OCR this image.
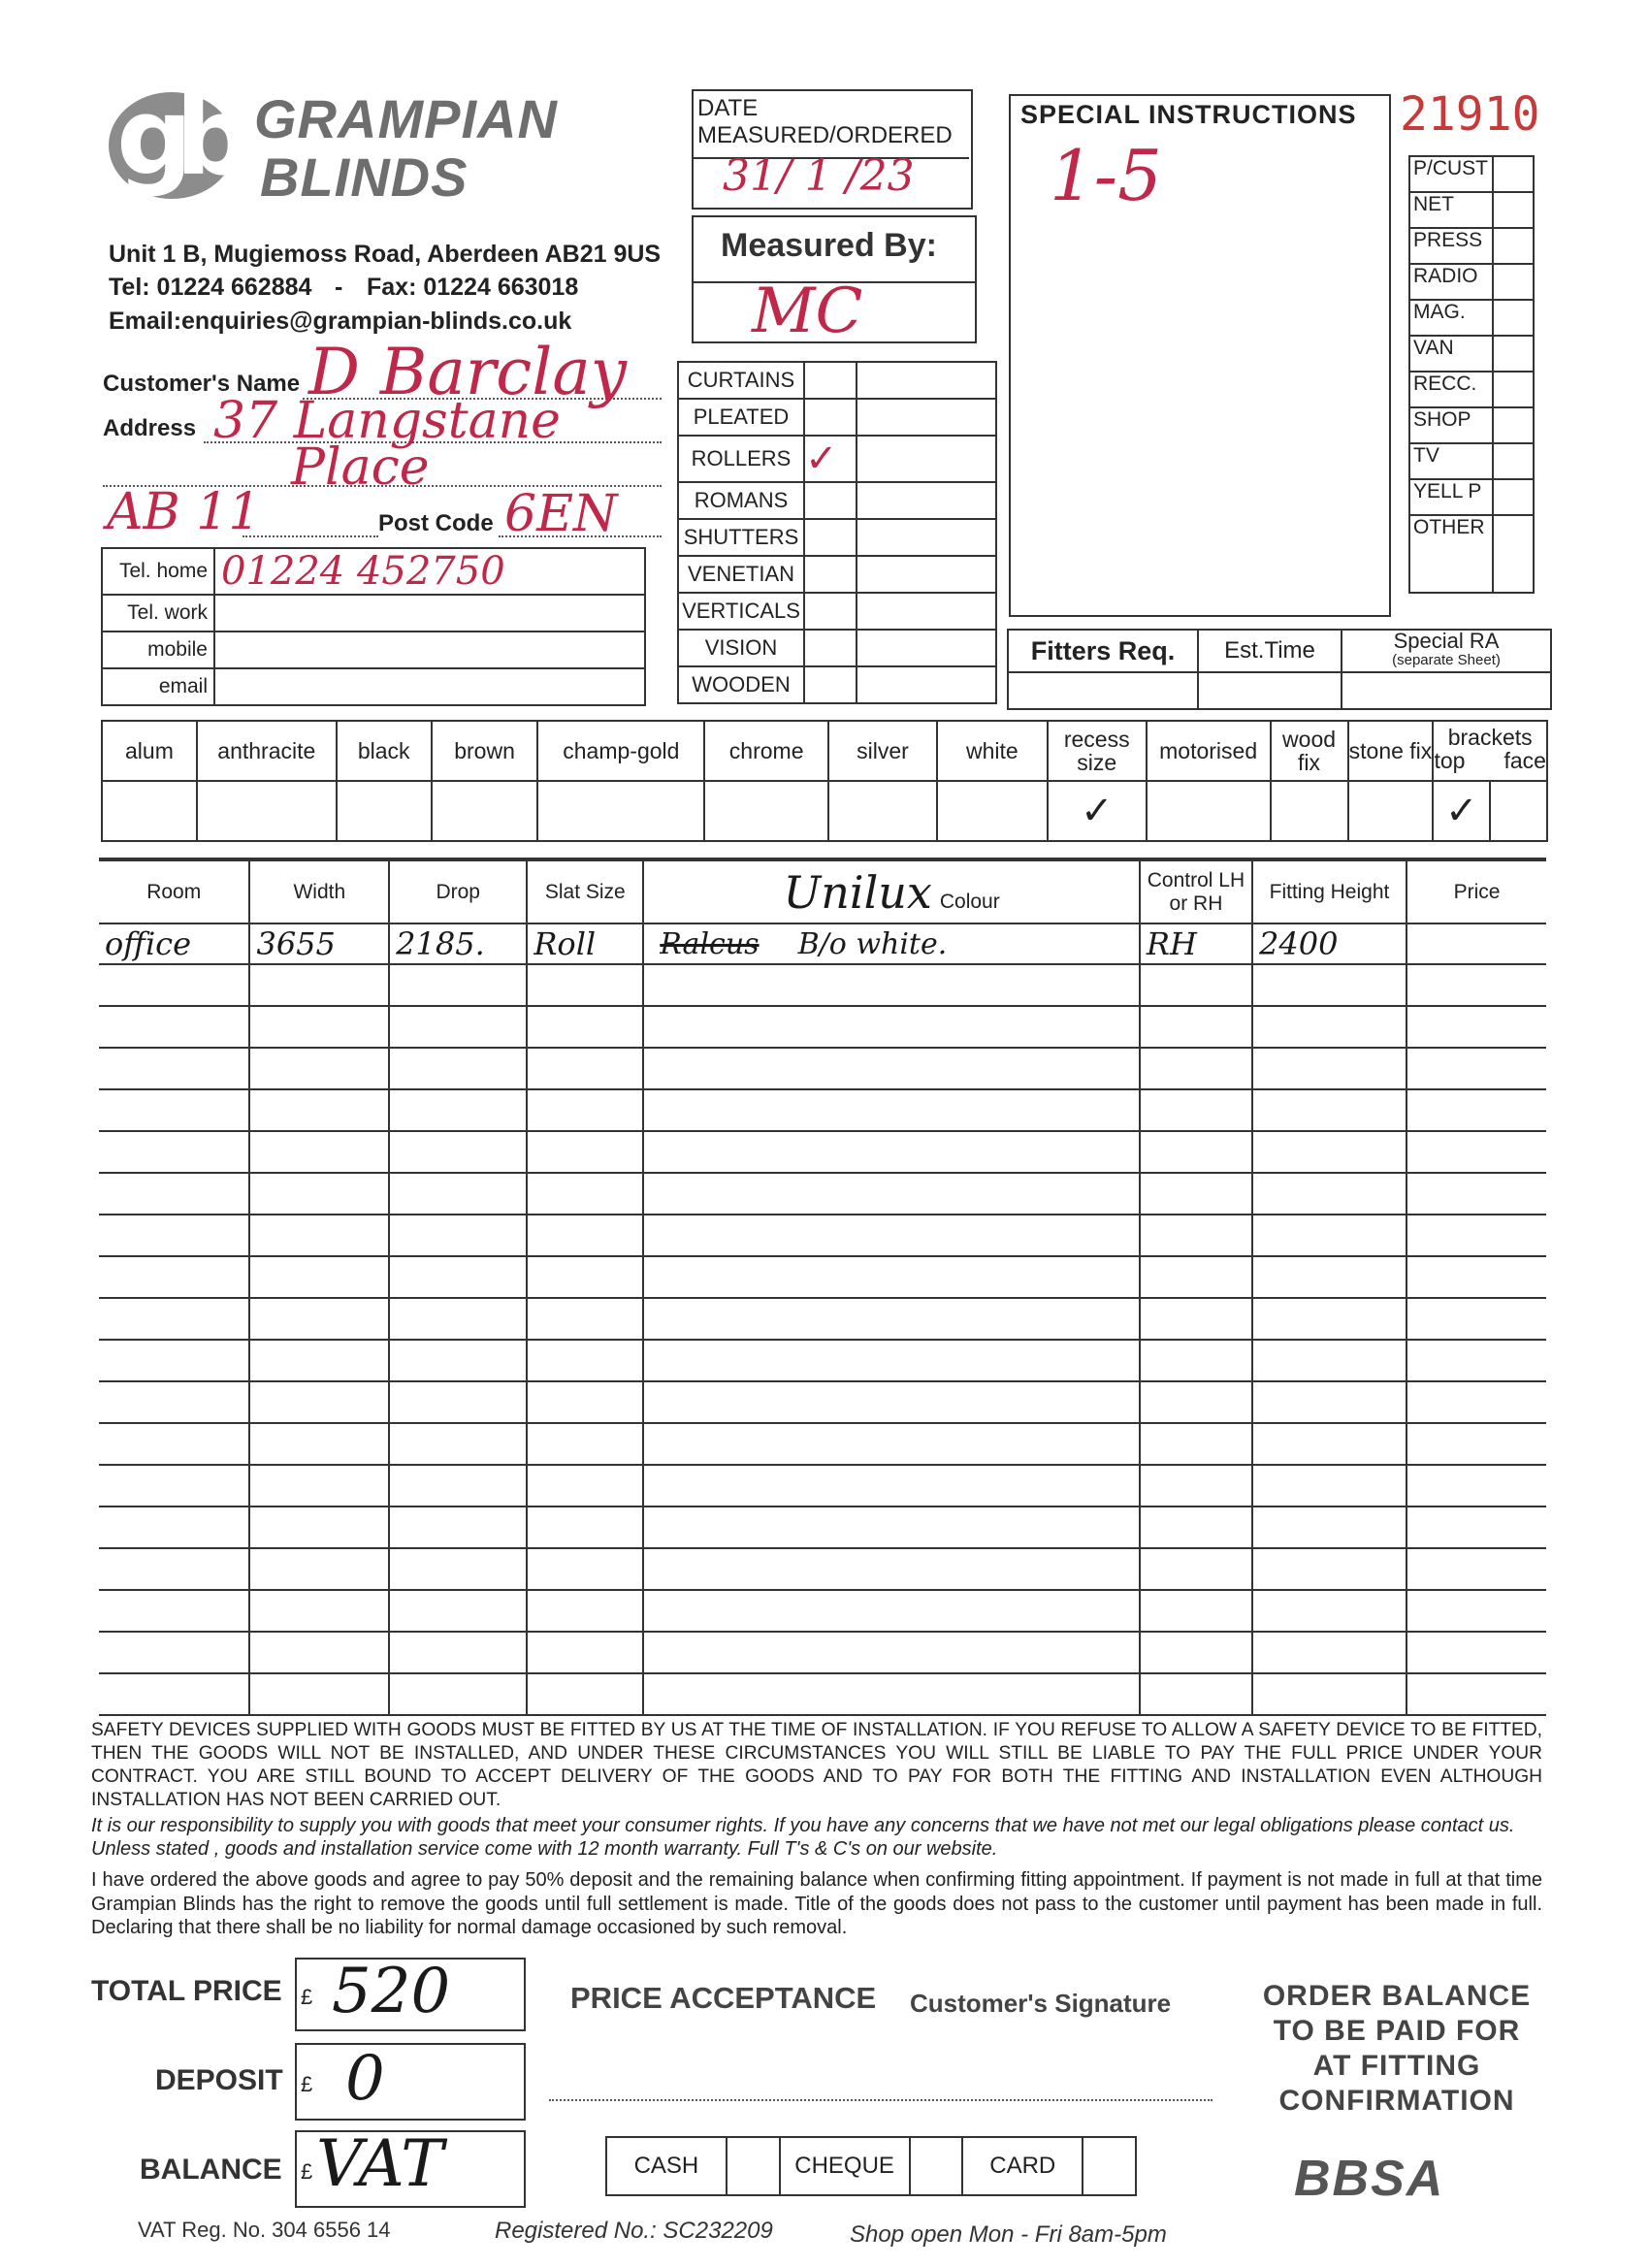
gb GRAMPIAN
BLINDS
Unit 1 B, Mugiemoss Road, Aberdeen AB21 9US
Tel: 01224 662884 - Fax: 01224 663018
Email:enquiries@grampian-blinds.co.uk
DATE
MEASURED/ORDERED
31/ 1 /23
Measured By:
MC
SPECIAL INSTRUCTIONS
1-5
21910
P/CUST	
NET	
PRESS	
RADIO	
MAG.	
VAN	
RECC.	
SHOP	
TV	
YELL P	
OTHER	
Customer's Name D Barclay
Address 37 Langstane
Place
AB 11	Post Code 6EN
Tel. home	01224 452750
Tel. work	
mobile	
email	
CURTAINS		
PLEATED		
ROLLERS	✓	
ROMANS		
SHUTTERS		
VENETIAN		
VERTICALS		
VISION		
WOODEN		
Fitters Req.	Est.Time	Special RA
(separate Sheet)

alum	anthracite	black	brown	champ-gold	chrome	silver	white	recess size	motorised	wood fix	stone fix	brackets
top face	
								✓				✓	
Room	Width	Drop	Slat Size	Unilux Colour	Control LH or RH	Fitting Height	Price
office	3655	2185.	Roll	Ralcus B/o white.	RH	2400	

SAFETY DEVICES SUPPLIED WITH GOODS MUST BE FITTED BY US AT THE TIME OF INSTALLATION. IF YOU REFUSE TO ALLOW A SAFETY DEVICE TO BE FITTED, THEN THE GOODS WILL NOT BE INSTALLED, AND UNDER THESE CIRCUMSTANCES YOU WILL STILL BE LIABLE TO PAY THE FULL PRICE UNDER YOUR CONTRACT. YOU ARE STILL BOUND TO ACCEPT DELIVERY OF THE GOODS AND TO PAY FOR BOTH THE FITTING AND INSTALLATION EVEN ALTHOUGH INSTALLATION HAS NOT BEEN CARRIED OUT.
It is our responsibility to supply you with goods that meet your consumer rights. If you have any concerns that we have not met our legal obligations please contact us. Unless stated , goods and installation service come with 12 month warranty. Full T's & C's on our website.
I have ordered the above goods and agree to pay 50% deposit and the remaining balance when confirming fitting appointment. If payment is not made in full at that time Grampian Blinds has the right to remove the goods until full settlement is made. Title of the goods does not pass to the customer until payment has been made in full. Declaring that there shall be no liability for normal damage occasioned by such removal.
TOTAL PRICE £ 520
DEPOSIT £ 0
BALANCE £ VAT
PRICE ACCEPTANCE Customer's Signature	ORDER BALANCE
TO BE PAID FOR
AT FITTING
CONFIRMATION
CASH		CHEQUE		CARD		BBSA
VAT Reg. No. 304 6556 14	Registered No.: SC232209	Shop open Mon - Fri 8am-5pm
